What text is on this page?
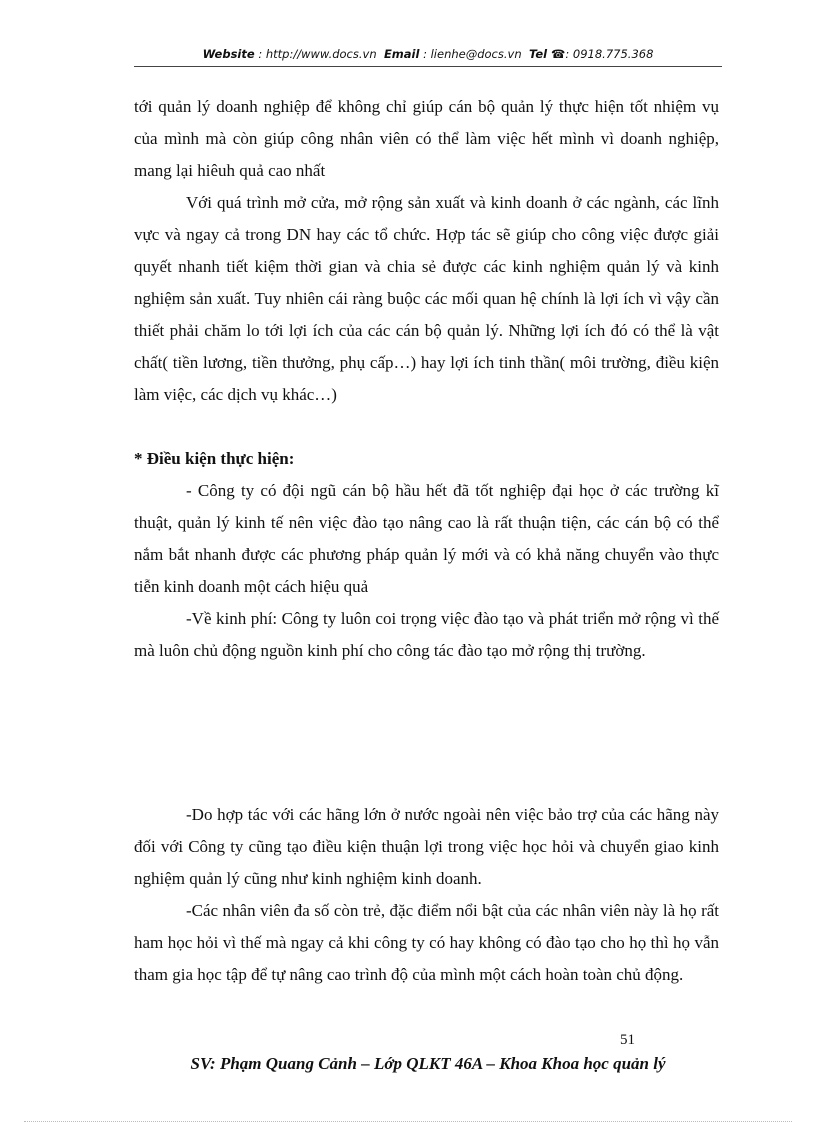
Website : http://www.docs.vn Email : lienhe@docs.vn Tel ☎: 0918.775.368

tới quản lý doanh nghiệp để không chỉ giúp cán bộ quản lý thực hiện tốt nhiệm vụ của mình mà còn giúp công nhân viên có thể làm việc hết mình vì doanh nghiệp, mang lại hiêuh quả cao nhất

Với quá trình mở cửa, mở rộng sản xuất và kinh doanh ở các ngành, các lĩnh vực và ngay cả trong DN hay các tổ chức. Hợp tác sẽ giúp cho công việc được giải quyết nhanh tiết kiệm thời gian và chia sẻ được các kinh nghiệm quản lý và kinh nghiệm sản xuất. Tuy nhiên cái ràng buộc các mối quan hệ chính là lợi ích vì vậy cần thiết phải chăm lo tới lợi ích của các cán bộ quản lý. Những lợi ích đó có thể là vật chất( tiền lương, tiền thưởng, phụ cấp…) hay lợi ích tinh thần( môi trường, điều kiện làm việc, các dịch vụ khác…)

* Điều kiện thực hiện:

- Công ty có đội ngũ cán bộ hầu hết đã tốt nghiệp đại học ở các trường kĩ thuật, quản lý kinh tế nên việc đào tạo nâng cao là rất thuận tiện, các cán bộ có thể nắm bắt nhanh được các phương pháp quản lý mới và có khả năng chuyển vào thực tiễn kinh doanh một cách hiệu quả

-Về kinh phí: Công ty luôn coi trọng việc đào tạo và phát triển mở rộng vì thế mà luôn chủ động nguồn kinh phí cho công tác đào tạo mở rộng thị trường.

-Do hợp tác với các hãng lớn ở nước ngoài nên việc bảo trợ của các hãng này đối với Công ty cũng tạo điều kiện thuận lợi trong việc học hỏi và chuyển giao kinh nghiệm quản lý cũng như kinh nghiệm kinh doanh.

-Các nhân viên đa số còn trẻ, đặc điểm nổi bật của các nhân viên này là họ rất ham học hỏi vì thế mà ngay cả khi công ty có hay không có đào tạo cho họ thì họ vẫn tham gia học tập để tự nâng cao trình độ của mình một cách hoàn toàn chủ động.

51
SV: Phạm Quang Cảnh – Lớp QLKT 46A – Khoa Khoa học quản lý
